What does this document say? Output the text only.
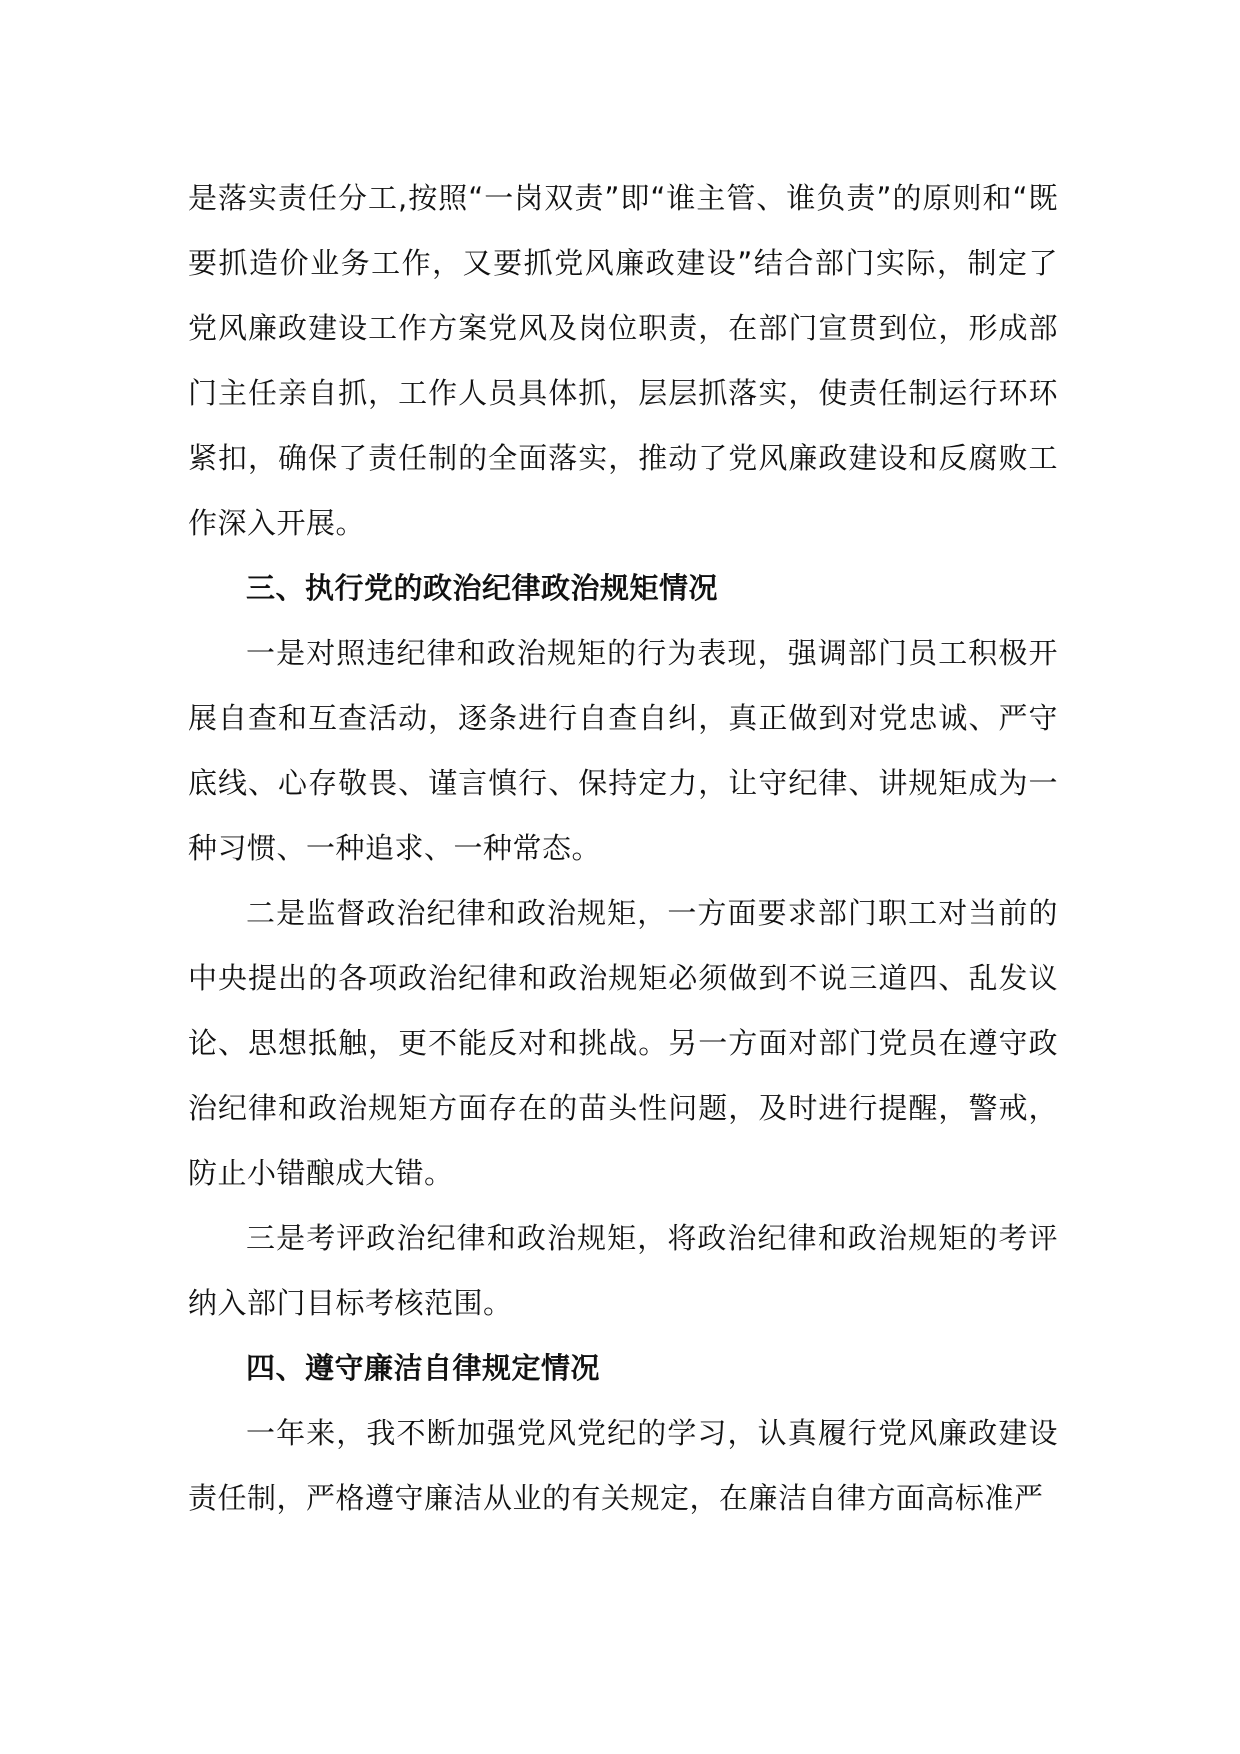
是落实责任分工,按照“一岗双责”即“谁主管、谁负责”的原则和“既要抓造价业务工作，又要抓党风廉政建设”结合部门实际，制定了党风廉政建设工作方案党风及岗位职责，在部门宣贯到位，形成部门主任亲自抓，工作人员具体抓，层层抓落实，使责任制运行环环紧扣，确保了责任制的全面落实，推动了党风廉政建设和反腐败工作深入开展。

三、执行党的政治纪律政治规矩情况

一是对照违纪律和政治规矩的行为表现，强调部门员工积极开展自查和互查活动，逐条进行自查自纠，真正做到对党忠诚、严守底线、心存敬畏、谨言慎行、保持定力，让守纪律、讲规矩成为一种习惯、一种追求、一种常态。

二是监督政治纪律和政治规矩，一方面要求部门职工对当前的中央提出的各项政治纪律和政治规矩必须做到不说三道四、乱发议论、思想抵触，更不能反对和挑战。另一方面对部门党员在遵守政治纪律和政治规矩方面存在的苗头性问题，及时进行提醒，警戒，防止小错酿成大错。

三是考评政治纪律和政治规矩，将政治纪律和政治规矩的考评纳入部门目标考核范围。

四、遵守廉洁自律规定情况

一年来，我不断加强党风党纪的学习，认真履行党风廉政建设责任制，严格遵守廉洁从业的有关规定，在廉洁自律方面高标准严
